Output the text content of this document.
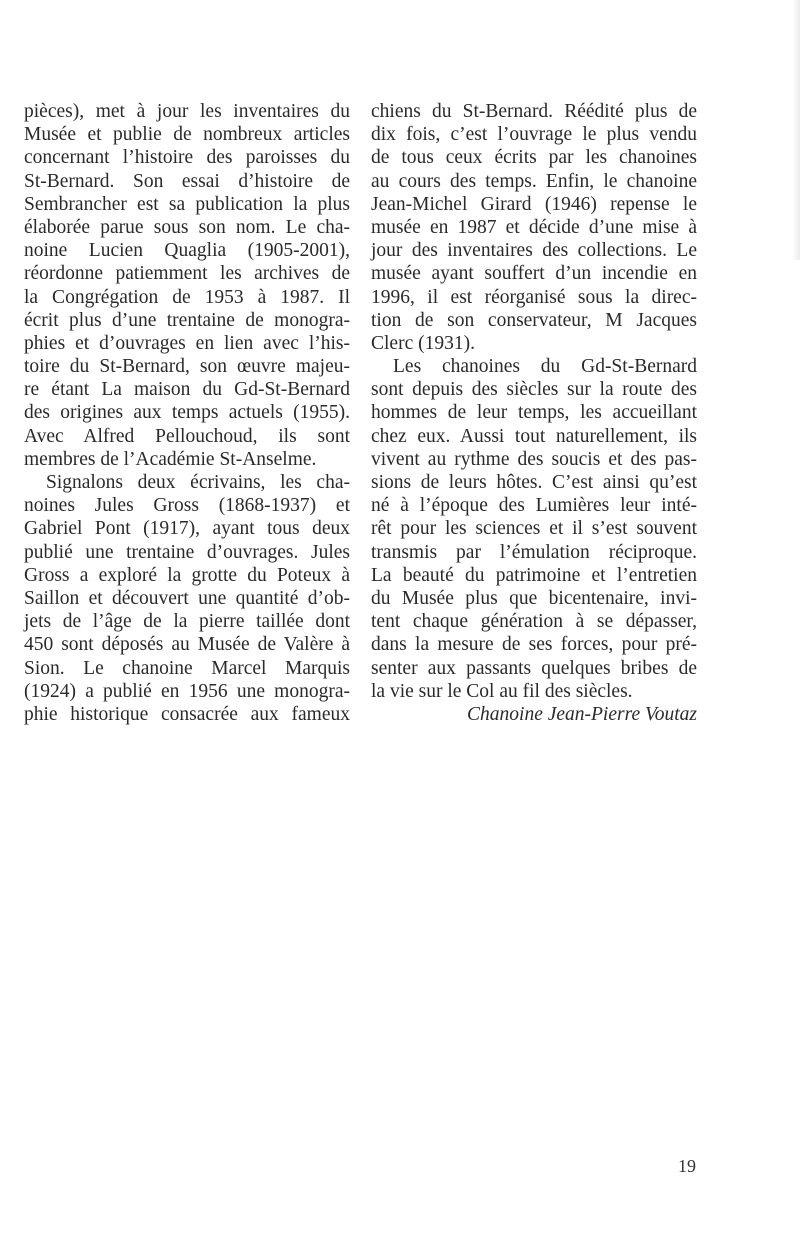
pièces), met à jour les inventaires du
Musée et publie de nombreux articles
concernant l’histoire des paroisses du
St-Bernard. Son essai d’histoire de
Sembrancher est sa publication la plus
élaborée parue sous son nom. Le cha-
noine Lucien Quaglia (1905-2001),
réordonne patiemment les archives de
la Congrégation de 1953 à 1987. Il
écrit plus d’une trentaine de monogra-
phies et d’ouvrages en lien avec l’his-
toire du St-Bernard, son œuvre majeu-
re étant La maison du Gd-St-Bernard
des origines aux temps actuels (1955).
Avec Alfred Pellouchoud, ils sont
membres de l’Académie St-Anselme.
Signalons deux écrivains, les cha-
noines Jules Gross (1868-1937) et
Gabriel Pont (1917), ayant tous deux
publié une trentaine d’ouvrages. Jules
Gross a exploré la grotte du Poteux à
Saillon et découvert une quantité d’ob-
jets de l’âge de la pierre taillée dont
450 sont déposés au Musée de Valère à
Sion. Le chanoine Marcel Marquis
(1924) a publié en 1956 une monogra-
phie historique consacrée aux fameux
chiens du St-Bernard. Réédité plus de
dix fois, c’est l’ouvrage le plus vendu
de tous ceux écrits par les chanoines
au cours des temps. Enfin, le chanoine
Jean-Michel Girard (1946) repense le
musée en 1987 et décide d’une mise à
jour des inventaires des collections. Le
musée ayant souffert d’un incendie en
1996, il est réorganisé sous la direc-
tion de son conservateur, M Jacques
Clerc (1931).
Les chanoines du Gd-St-Bernard
sont depuis des siècles sur la route des
hommes de leur temps, les accueillant
chez eux. Aussi tout naturellement, ils
vivent au rythme des soucis et des pas-
sions de leurs hôtes. C’est ainsi qu’est
né à l’époque des Lumières leur inté-
rêt pour les sciences et il s’est souvent
transmis par l’émulation réciproque.
La beauté du patrimoine et l’entretien
du Musée plus que bicentenaire, invi-
tent chaque génération à se dépasser,
dans la mesure de ses forces, pour pré-
senter aux passants quelques bribes de
la vie sur le Col au fil des siècles.
Chanoine Jean-Pierre Voutaz
19
